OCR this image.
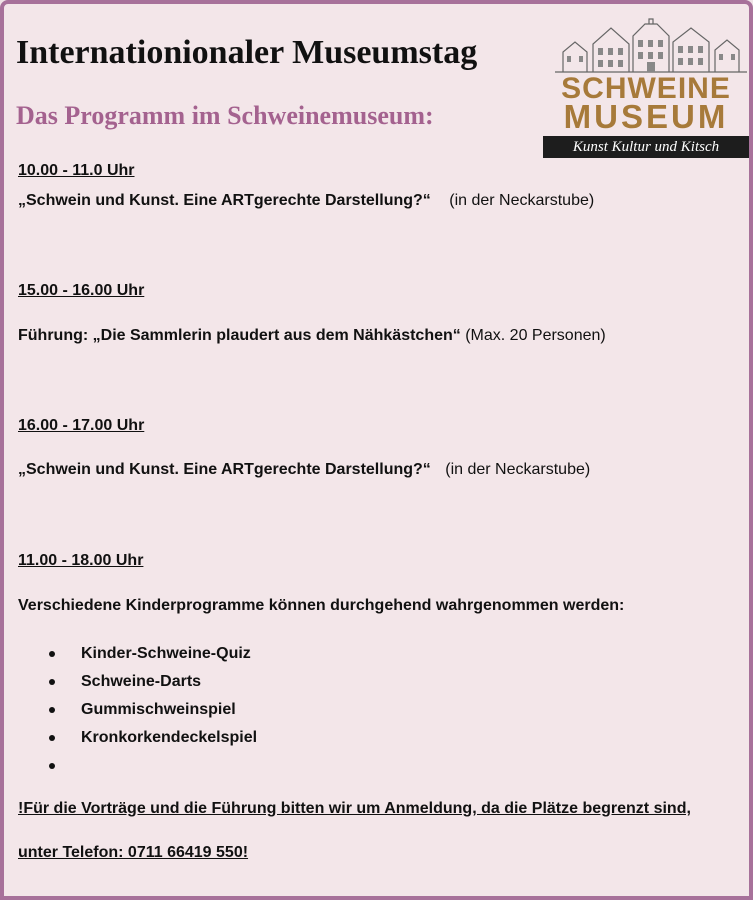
Internationionaler Museumstag
Das Programm im Schweinemuseum:
SCHWEINE
MUSEUM
Kunst Kultur und Kitsch
10.00 - 11.0 Uhr
„Schwein und Kunst. Eine ARTgerechte Darstellung?“ (in der Neckarstube)
15.00 - 16.00 Uhr
Führung: „Die Sammlerin plaudert aus dem Nähkästchen“ (Max. 20 Personen)
16.00 - 17.00 Uhr
„Schwein und Kunst. Eine ARTgerechte Darstellung?“ (in der Neckarstube)
11.00 - 18.00 Uhr
Verschiedene Kinderprogramme können durchgehend wahrgenommen werden:
Kinder-Schweine-Quiz
Schweine-Darts
Gummischweinspiel
Kronkorkendeckelspiel
!Für die Vorträge und die Führung bitten wir um Anmeldung, da die Plätze begrenzt sind,
unter Telefon: 0711 66419 550!
